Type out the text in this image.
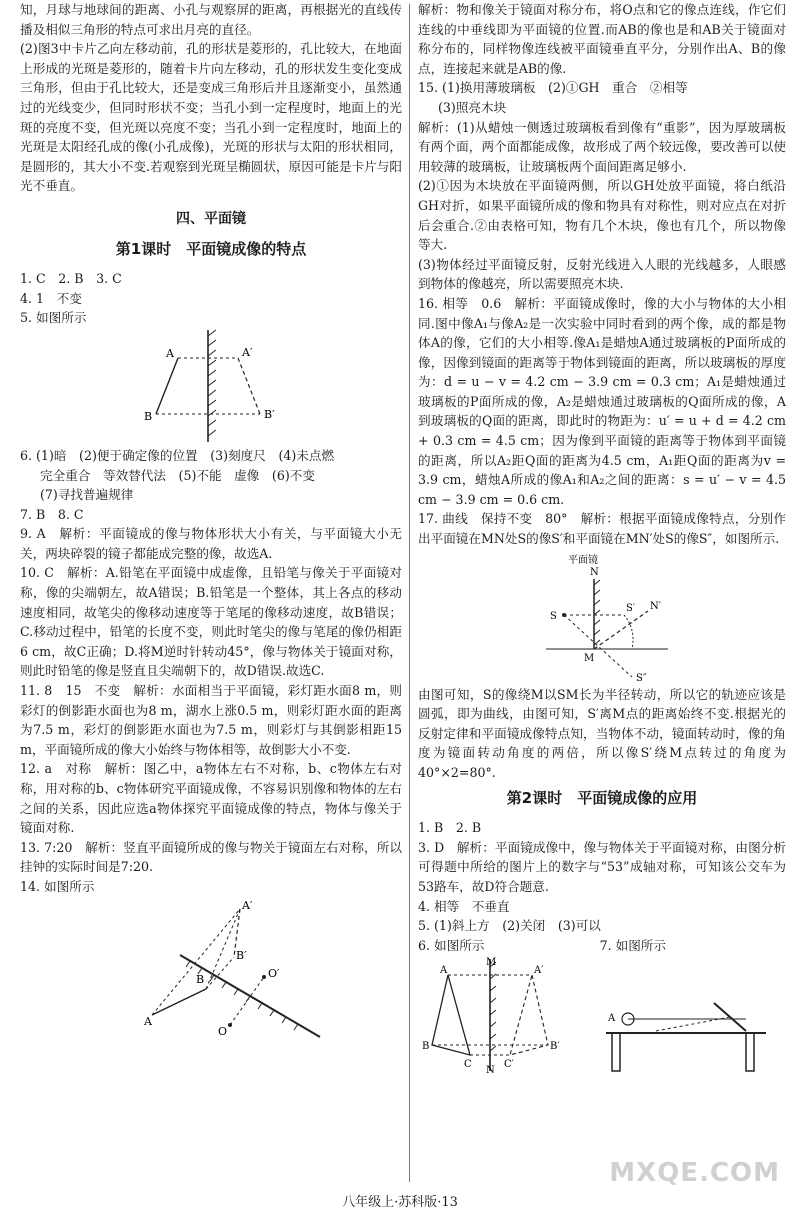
知，月球与地球间的距离、小孔与观察屏的距离，再根据光的直线传播及相似三角形的特点可求出月亮的直径。

(2)图3中卡片乙向左移动前，孔的形状是菱形的，孔比较大，在地面上形成的光斑是菱形的，随着卡片向左移动，孔的形状发生变化变成三角形，但由于孔比较大，还是变成三角形后并且逐渐变小，虽然通过的光线变少，但同时形状不变；当孔小到一定程度时，地面上的光斑的亮度不变，但光斑以亮度不变；当孔小到一定程度时，地面上的光斑是太阳经孔成的像(小孔成像)，光斑的形状与太阳的形状相同，是圆形的，其大小不变.若观察到光斑呈椭圆状，原因可能是卡片与阳光不垂直。

四、平面镜
第1课时　平面镜成像的特点

1. C　2. B　3. C

4. 1　不变

5. 如图所示

A	A′
B	B′

6. (1)暗　(2)便于确定像的位置　(3)刻度尺　(4)未点燃

完全重合　等效替代法　(5)不能　虚像　(6)不变

(7)寻找普遍规律

7. B　8. C

9. A　解析：平面镜成的像与物体形状大小有关，与平面镜大小无关，两块碎裂的镜子都能成完整的像，故选A.

10. C　解析：A.铅笔在平面镜中成虚像，且铅笔与像关于平面镜对称，像的尖端朝左，故A错误；B.铅笔是一个整体，其上各点的移动速度相同，故笔尖的像移动速度等于笔尾的像移动速度，故B错误；C.移动过程中，铅笔的长度不变，则此时笔尖的像与笔尾的像仍相距6 cm，故C正确；D.将M逆时针转动45°，像与物体关于镜面对称，则此时铅笔的像是竖直且尖端朝下的，故D错误.故选C.

11. 8　15　不变　解析：水面相当于平面镜，彩灯距水面8 m，则彩灯的倒影距水面也为8 m，湖水上涨0.5 m，则彩灯距水面的距离为7.5 m，彩灯的倒影距水面也为7.5 m，则彩灯与其倒影相距15 m，平面镜所成的像大小始终与物体相等，故倒影大小不变.

12. a　对称　解析：图乙中，a物体左右不对称，b、c物体左右对称，用对称的b、c物体研究平面镜成像，不容易识别像和物体的左右之间的关系，因此应选a物体探究平面镜成像的特点，物体与像关于镜面对称.

13. 7:20　解析：竖直平面镜所成的像与物关于镜面左右对称，所以挂钟的实际时间是7:20.

14. 如图所示

A
A′
B
B′
O
O′

解析：物和像关于镜面对称分布，将O点和它的像点连线，作它们连线的中垂线即为平面镜的位置.而AB的像也是和AB关于镜面对称分布的，同样物像连线被平面镜垂直平分，分别作出A、B的像点，连接起来就是AB的像.

15. (1)换用薄玻璃板　(2)①GH　重合　②相等

(3)照亮木块

解析：(1)从蜡烛一侧透过玻璃板看到像有“重影”，因为厚玻璃板有两个面，两个面都能成像，故形成了两个较远像，要改善可以使用较薄的玻璃板，让玻璃板两个面间距离足够小.

(2)①因为木块放在平面镜两侧，所以GH处放平面镜，将白纸沿GH对折，如果平面镜所成的像和物具有对称性，则对应点在对折后会重合.②由表格可知，物有几个木块，像也有几个，所以物像等大.

(3)物体经过平面镜反射，反射光线进入人眼的光线越多，人眼感到物体的像越亮，所以需要照亮木块.

16. 相等　0.6　解析：平面镜成像时，像的大小与物体的大小相同.图中像A₁与像A₂是一次实验中同时看到的两个像，成的都是物体A的像，它们的大小相等.像A₁是蜡烛A通过玻璃板的P面所成的像，因像到镜面的距离等于物体到镜面的距离，所以玻璃板的厚度为：d = u − v = 4.2 cm − 3.9 cm = 0.3 cm；A₁是蜡烛通过玻璃板的P面所成的像，A₂是蜡烛通过玻璃板的Q面所成的像，A到玻璃板的Q面的距离，即此时的物距为：u′ = u + d = 4.2 cm + 0.3 cm = 4.5 cm；因为像到平面镜的距离等于物体到平面镜的距离，所以A₂距Q面的距离为4.5 cm，A₁距Q面的距离为v = 3.9 cm，蜡烛A所成的像A₁和A₂之间的距离：s = u′ − v = 4.5 cm − 3.9 cm = 0.6 cm.

17. 曲线　保持不变　80°　解析：根据平面镜成像特点，分别作出平面镜在MN处S的像S′和平面镜在MN′处S的像S″，如图所示.

平面镜
N
N′
S
S′
S″
M

由图可知，S的像绕M以SM长为半径转动，所以它的轨迹应该是圆弧，即为曲线，由图可知，S′离M点的距离始终不变.根据光的反射定律和平面镜成像特点知，当物体不动，镜面转动时，像的角度为镜面转动角度的两倍，所以像S′绕M点转过的角度为40°×2=80°.

第2课时　平面镜成像的应用

1. B　2. B

3. D　解析：平面镜成像中，像与物体关于平面镜对称，由图分析可得题中所给的图片上的数字与“53”成轴对称，可知该公交车为53路车，故D符合题意.

4. 相等　不垂直

5. (1)斜上方　(2)关闭　(3)可以

6. 如图所示	7. 如图所示

M
N
A
B
C
A′
B′
C′
A
MXQE.COM
八年级上·苏科版·13
